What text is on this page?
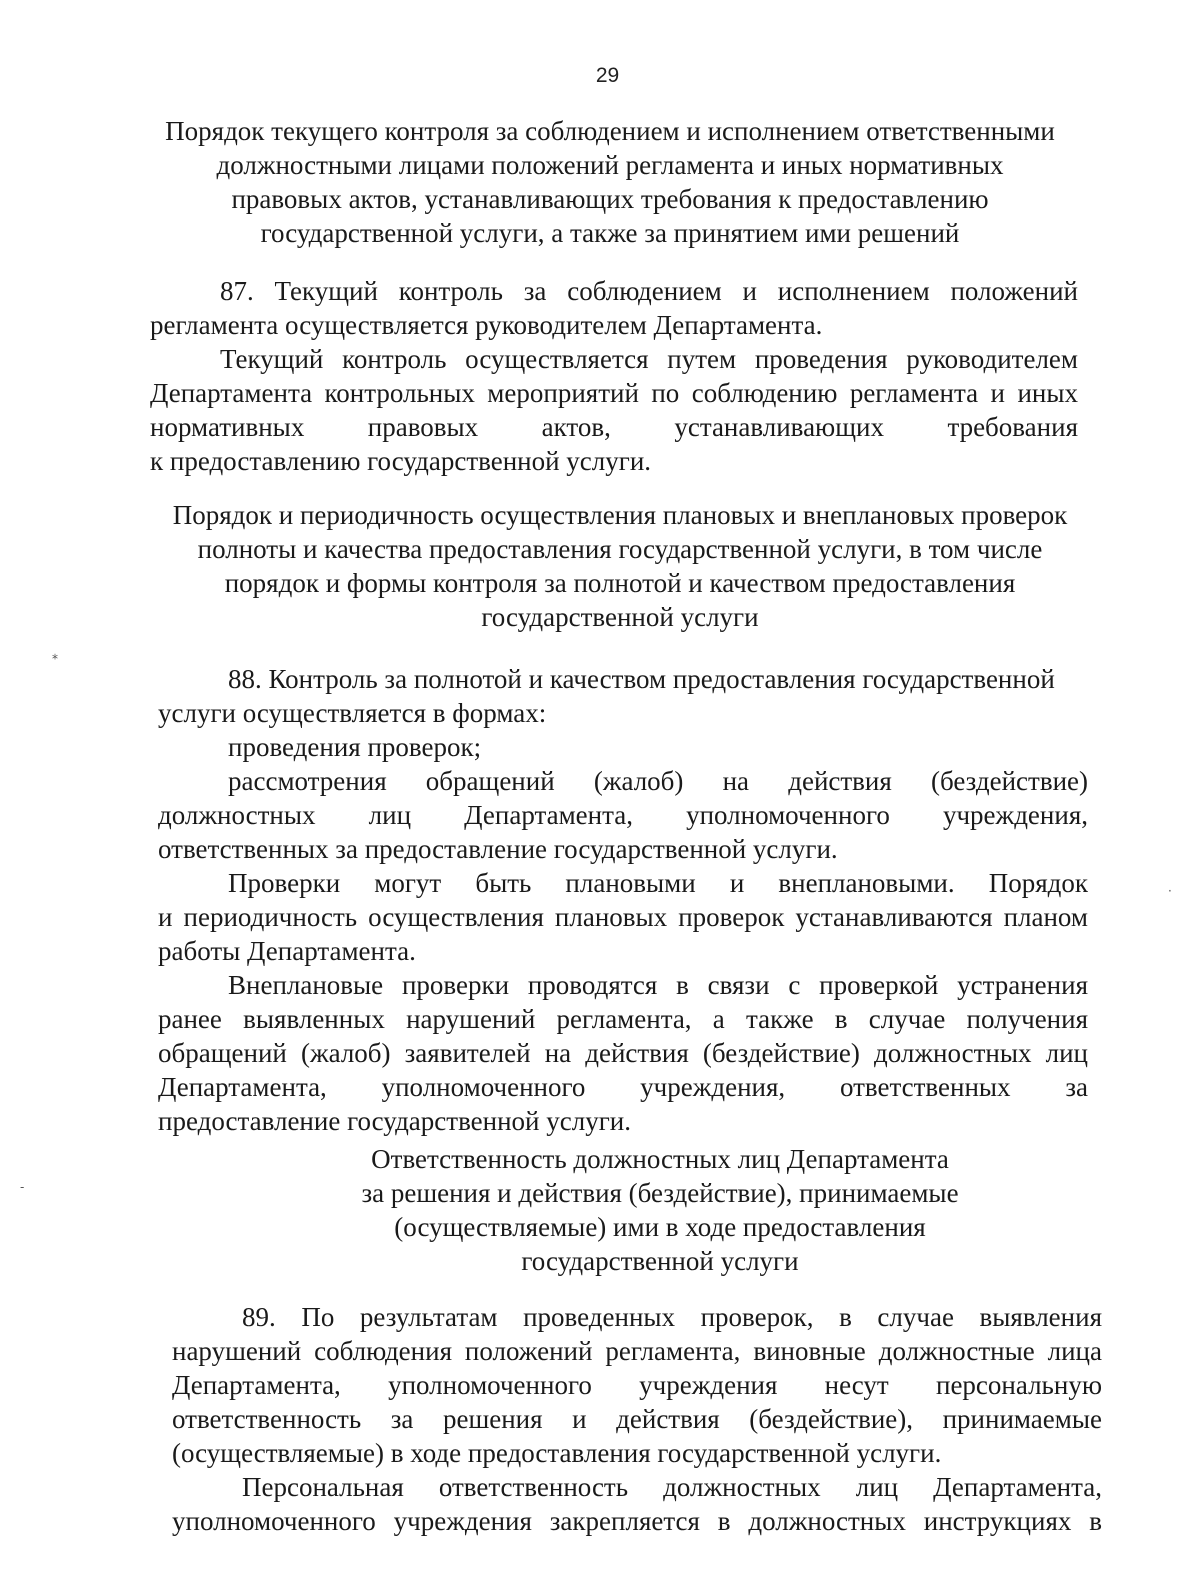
29
Порядок текущего контроля за соблюдением и исполнением ответственными
должностными лицами положений регламента и иных нормативных
правовых актов, устанавливающих требования к предоставлению
государственной услуги, а также за принятием ими решений
87. Текущий контроль за соблюдением и исполнением положений
регламента осуществляется руководителем Департамента.
Текущий контроль осуществляется путем проведения руководителем
Департамента контрольных мероприятий по соблюдению регламента и иных
нормативных правовых актов, устанавливающих требования
к предоставлению государственной услуги.
Порядок и периодичность осуществления плановых и внеплановых проверок
полноты и качества предоставления государственной услуги, в том числе
порядок и формы контроля за полнотой и качеством предоставления
государственной услуги
88. Контроль за полнотой и качеством предоставления государственной
услуги осуществляется в формах:
проведения проверок;
рассмотрения обращений (жалоб) на действия (бездействие)
должностных лиц Департамента, уполномоченного учреждения,
ответственных за предоставление государственной услуги.
Проверки могут быть плановыми и внеплановыми. Порядок
и периодичность осуществления плановых проверок устанавливаются планом
работы Департамента.
Внеплановые проверки проводятся в связи с проверкой устранения
ранее выявленных нарушений регламента, а также в случае получения
обращений (жалоб) заявителей на действия (бездействие) должностных лиц
Департамента, уполномоченного учреждения, ответственных за
предоставление государственной услуги.
Ответственность должностных лиц Департамента
за решения и действия (бездействие), принимаемые
(осуществляемые) ими в ходе предоставления
государственной услуги
89. По результатам проведенных проверок, в случае выявления
нарушений соблюдения положений регламента, виновные должностные лица
Департамента, уполномоченного учреждения несут персональную
ответственность за решения и действия (бездействие), принимаемые
(осуществляемые) в ходе предоставления государственной услуги.
Персональная ответственность должностных лиц Департамента,
уполномоченного учреждения закрепляется в должностных инструкциях в
⁎
‑
·
